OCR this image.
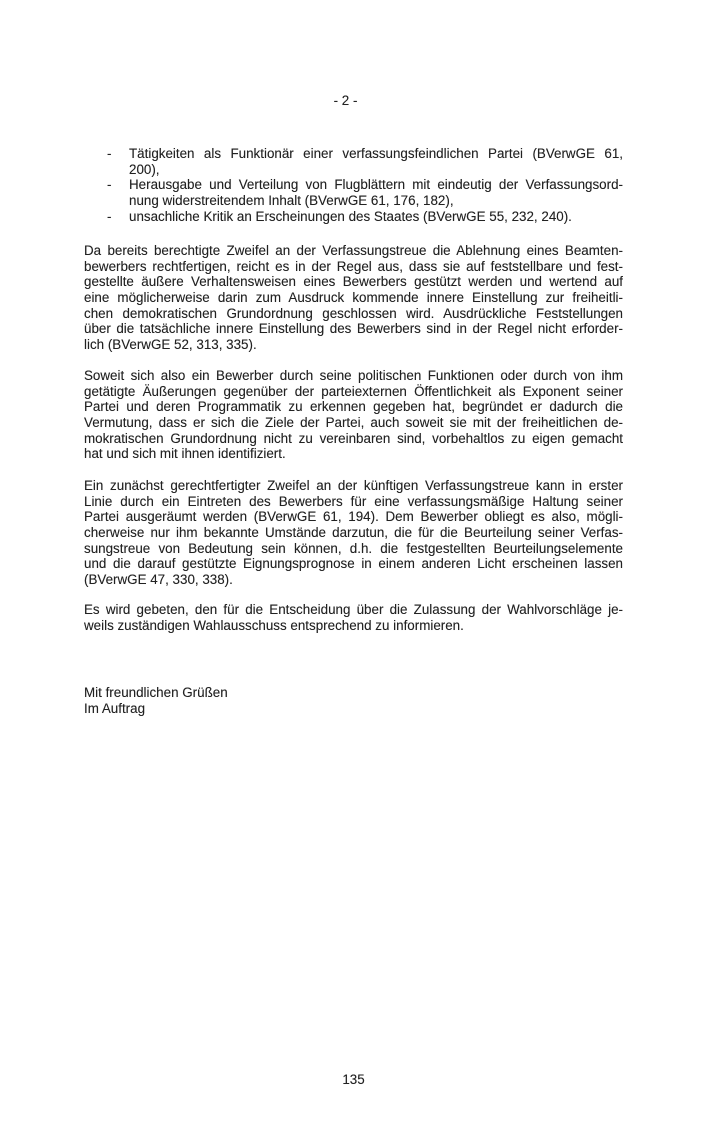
- 2 -
-	Tätigkeiten als Funktionär einer verfassungsfeindlichen Partei (BVerwGE 61,
200),
-	Herausgabe und Verteilung von Flugblättern mit eindeutig der Verfassungsord-
nung widerstreitendem Inhalt (BVerwGE 61, 176, 182),
-	unsachliche Kritik an Erscheinungen des Staates (BVerwGE 55, 232, 240).
Da bereits berechtigte Zweifel an der Verfassungstreue die Ablehnung eines Beamten-
bewerbers rechtfertigen, reicht es in der Regel aus, dass sie auf feststellbare und fest-
gestellte äußere Verhaltensweisen eines Bewerbers gestützt werden und wertend auf
eine möglicherweise darin zum Ausdruck kommende innere Einstellung zur freiheitli-
chen demokratischen Grundordnung geschlossen wird. Ausdrückliche Feststellungen
über die tatsächliche innere Einstellung des Bewerbers sind in der Regel nicht erforder-
lich (BVerwGE 52, 313, 335).
Soweit sich also ein Bewerber durch seine politischen Funktionen oder durch von ihm
getätigte Äußerungen gegenüber der parteiexternen Öffentlichkeit als Exponent seiner
Partei und deren Programmatik zu erkennen gegeben hat, begründet er dadurch die
Vermutung, dass er sich die Ziele der Partei, auch soweit sie mit der freiheitlichen de-
mokratischen Grundordnung nicht zu vereinbaren sind, vorbehaltlos zu eigen gemacht
hat und sich mit ihnen identifiziert.
Ein zunächst gerechtfertigter Zweifel an der künftigen Verfassungstreue kann in erster
Linie durch ein Eintreten des Bewerbers für eine verfassungsmäßige Haltung seiner
Partei ausgeräumt werden (BVerwGE 61, 194). Dem Bewerber obliegt es also, mögli-
cherweise nur ihm bekannte Umstände darzutun, die für die Beurteilung seiner Verfas-
sungstreue von Bedeutung sein können, d.h. die festgestellten Beurteilungselemente
und die darauf gestützte Eignungsprognose in einem anderen Licht erscheinen lassen
(BVerwGE 47, 330, 338).
Es wird gebeten, den für die Entscheidung über die Zulassung der Wahlvorschläge je-
weils zuständigen Wahlausschuss entsprechend zu informieren.
Mit freundlichen Grüßen
Im Auftrag
135
